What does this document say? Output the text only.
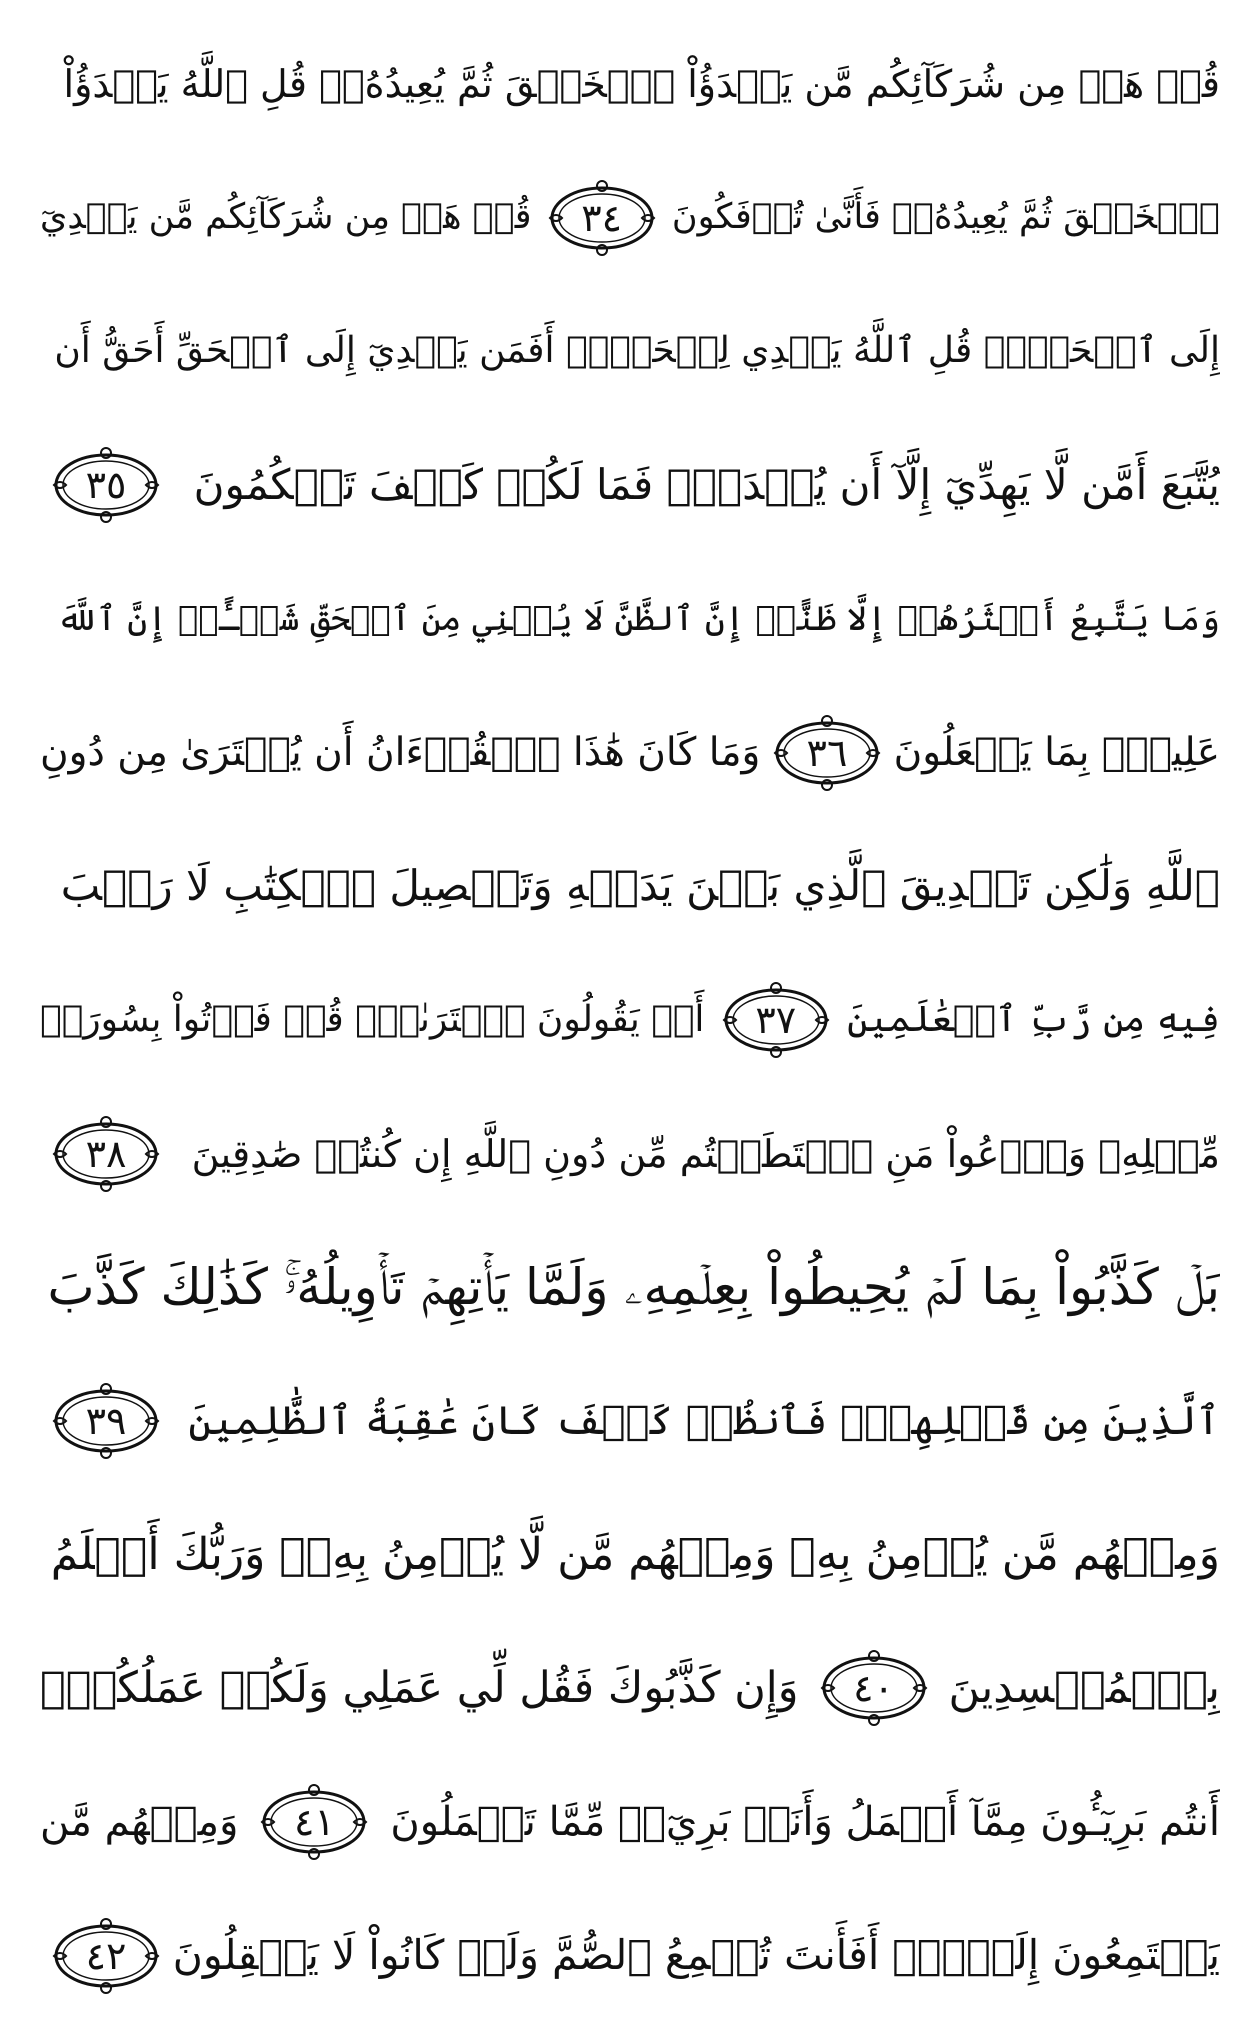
قُلۡ هَلۡ مِن شُرَكَآئِكُم مَّن يَبۡدَؤُاْ ٱلۡخَلۡقَ ثُمَّ يُعِيدُهُۥۚ قُلِ ٱللَّهُ يَبۡدَؤُاْ
ٱلۡخَلۡقَ ثُمَّ يُعِيدُهُۥۖ فَأَنَّىٰ تُؤۡفَكُونَ
٣٤
قُلۡ هَلۡ مِن شُرَكَآئِكُم مَّن يَهۡدِيٓ
إِلَى ٱلۡحَقِّۚ قُلِ ٱللَّهُ يَهۡدِي لِلۡحَقِّۗ أَفَمَن يَهۡدِيٓ إِلَى ٱلۡحَقِّ أَحَقُّ أَن
يُتَّبَعَ أَمَّن لَّا يَهِدِّيٓ إِلَّآ أَن يُهۡدَىٰۖ فَمَا لَكُمۡ كَيۡفَ تَحۡكُمُونَ
٣٥
وَمَا يَتَّبِعُ أَكۡثَرُهُمۡ إِلَّا ظَنًّاۚ إِنَّ ٱلظَّنَّ لَا يُغۡنِي مِنَ ٱلۡحَقِّ شَيۡـًٔاۚ إِنَّ ٱللَّهَ
عَلِيمُۢ بِمَا يَفۡعَلُونَ
٣٦
وَمَا كَانَ هَٰذَا ٱلۡقُرۡءَانُ أَن يُفۡتَرَىٰ مِن دُونِ
ٱللَّهِ وَلَٰكِن تَصۡدِيقَ ٱلَّذِي بَيۡنَ يَدَيۡهِ وَتَفۡصِيلَ ٱلۡكِتَٰبِ لَا رَيۡبَ
فِيهِ مِن رَّبِّ ٱلۡعَٰلَمِينَ
٣٧
أَمۡ يَقُولُونَ ٱفۡتَرَىٰهُۖ قُلۡ فَأۡتُواْ بِسُورَةٖ
مِّثۡلِهِۦ وَٱدۡعُواْ مَنِ ٱسۡتَطَعۡتُم مِّن دُونِ ٱللَّهِ إِن كُنتُمۡ صَٰدِقِينَ
٣٨
بَلۡ كَذَّبُواْ بِمَا لَمۡ يُحِيطُواْ بِعِلۡمِهِۦ وَلَمَّا يَأۡتِهِمۡ تَأۡوِيلُهُۥۚ كَذَٰلِكَ كَذَّبَ
ٱلَّذِينَ مِن قَبۡلِهِمۡۖ فَٱنظُرۡ كَيۡفَ كَانَ عَٰقِبَةُ ٱلظَّٰلِمِينَ
٣٩
وَمِنۡهُم مَّن يُؤۡمِنُ بِهِۦ وَمِنۡهُم مَّن لَّا يُؤۡمِنُ بِهِۦۚ وَرَبُّكَ أَعۡلَمُ
بِٱلۡمُفۡسِدِينَ
٤٠
وَإِن كَذَّبُوكَ فَقُل لِّي عَمَلِي وَلَكُمۡ عَمَلُكُمۡۖ
أَنتُم بَرِيٓـُٔونَ مِمَّآ أَعۡمَلُ وَأَنَا۠ بَرِيٓءٞ مِّمَّا تَعۡمَلُونَ
٤١
وَمِنۡهُم مَّن
يَسۡتَمِعُونَ إِلَيۡكَۚ أَفَأَنتَ تُسۡمِعُ ٱلصُّمَّ وَلَوۡ كَانُواْ لَا يَعۡقِلُونَ
٤٢
